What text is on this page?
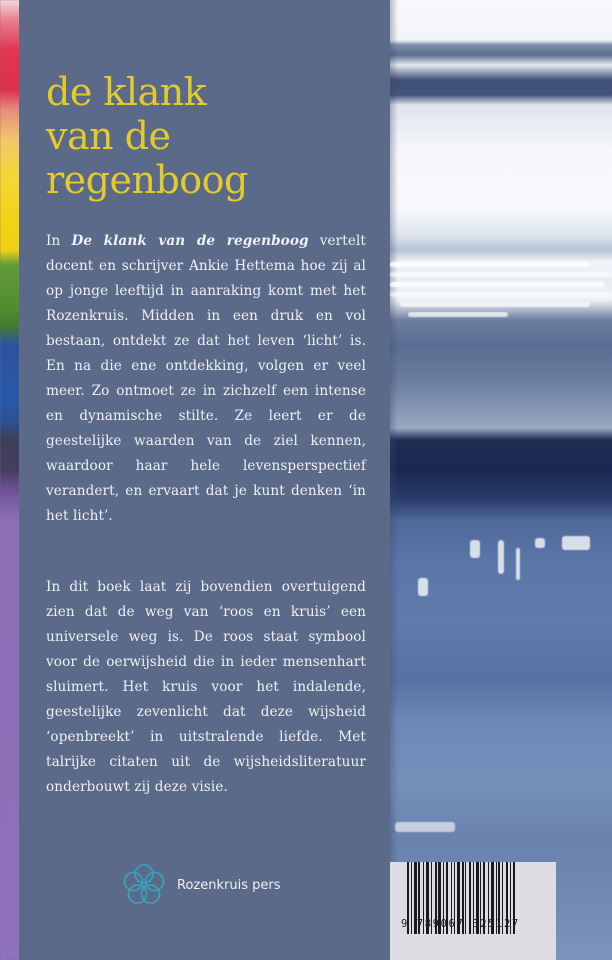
de klank
van de
regenboog

In De klank van de regenboog vertelt docent en schrijver Ankie Hettema hoe zij al op jonge leeftijd in aanraking komt met het Rozenkruis. Midden in een druk en vol bestaan, ontdekt ze dat het leven ‘licht’ is. En na die ene ontdekking, volgen er veel meer. Zo ontmoet ze in zichzelf een intense en dynamische stilte. Ze leert er de geestelijke waarden van de ziel kennen, waardoor haar hele levensperspectief verandert, en ervaart dat je kunt denken ‘in het licht’.

In dit boek laat zij bovendien overtuigend zien dat de weg van ‘roos en kruis’ een universele weg is. De roos staat symbool voor de oerwijsheid die in ieder mensenhart sluimert. Het kruis voor het indalende, geestelijke zevenlicht dat deze wijsheid ‘openbreekt’ in uitstralende liefde. Met talrijke citaten uit de wijsheidsliteratuur onderbouwt zij deze visie.

Rozenkruis pers
9 789067 325127
